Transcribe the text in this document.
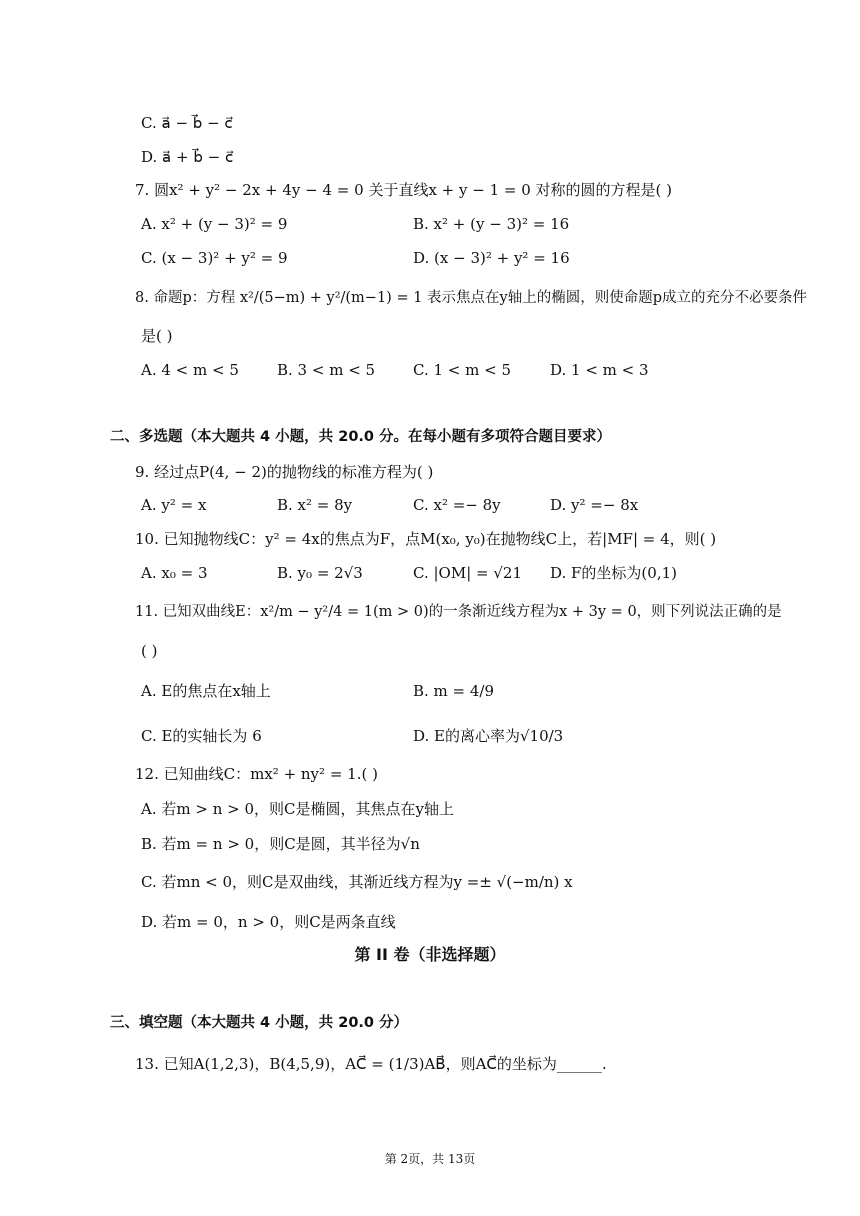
C. a⃗ − b⃗ − c⃗
D. a⃗ + b⃗ − c⃗
7. 圆x² + y² − 2x + 4y − 4 = 0 关于直线x + y − 1 = 0 对称的圆的方程是( )
A. x² + (y − 3)² = 9	B. x² + (y − 3)² = 16
C. (x − 3)² + y² = 9	D. (x − 3)² + y² = 16
8. 命题p：方程 x²/(5−m) + y²/(m−1) = 1 表示焦点在y轴上的椭圆，则使命题p成立的充分不必要条件
是( )
A. 4 < m < 5	B. 3 < m < 5	C. 1 < m < 5	D. 1 < m < 3
二、多选题（本大题共 4 小题，共 20.0 分。在每小题有多项符合题目要求）
9. 经过点P(4, − 2)的抛物线的标准方程为( )
A. y² = x	B. x² = 8y	C. x² =− 8y	D. y² =− 8x
10. 已知抛物线C：y² = 4x的焦点为F，点M(x₀, y₀)在抛物线C上，若|MF| = 4，则( )
A. x₀ = 3	B. y₀ = 2√3	C. |OM| = √21 D. F的坐标为(0,1)
11. 已知双曲线E：x²/m − y²/4 = 1(m > 0)的一条渐近线方程为x + 3y = 0，则下列说法正确的是
( )
A. E的焦点在x轴上	B. m = 4/9
C. E的实轴长为 6	D. E的离心率为√10/3
12. 已知曲线C：mx² + ny² = 1.( )
A. 若m > n > 0，则C是椭圆，其焦点在y轴上
B. 若m = n > 0，则C是圆，其半径为√n
C. 若mn < 0，则C是双曲线，其渐近线方程为y =± √(−m/n) x
D. 若m = 0，n > 0，则C是两条直线
第 II 卷（非选择题）
三、填空题（本大题共 4 小题，共 20.0 分）
13. 已知A(1,2,3)，B(4,5,9)，AC⃗ = (1/3)AB⃗，则AC⃗的坐标为______.
第 2页，共 13页
